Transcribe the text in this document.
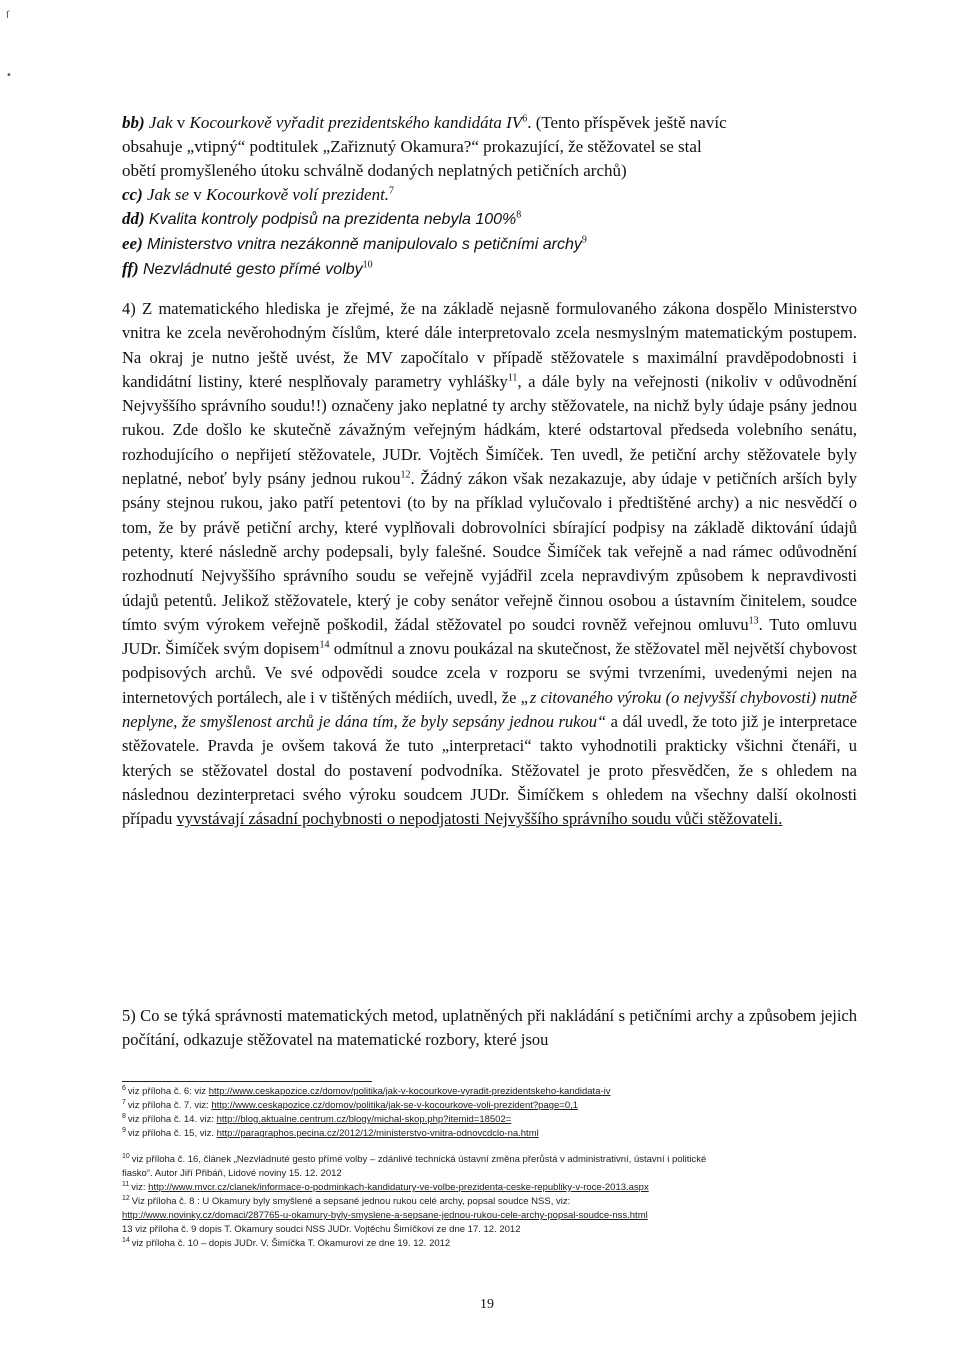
ſ
•

bb) Jak v Kocourkově vyřadit prezidentského kandidáta $IV^6$. (Tento příspěvek ještě navíc

obsahuje „vtipný“ podtitulek „Zařiznutý Okamura?“ prokazující, že stěžovatel se stal

obětí promyšleného útoku schválně dodaných neplatných petičních archů)

cc) Jak se v Kocourkově volí prezident.$^7$

dd) Kvalita kontroly podpisů na prezidenta nebyla 100%$^8$

ee) Ministerstvo vnitra nezákonně manipulovalo s petičními archy$^9$

ff) Nezvládnuté gesto přímé volby$^{10}$

4) Z matematického hlediska je zřejmé, že na základě nejasně formulovaného zákona dospělo Ministerstvo vnitra ke zcela nevěrohodným číslům, které dále interpretovalo zcela nesmyslným matematickým postupem. Na okraj je nutno ještě uvést, že MV započítalo v případě stěžovatele s maximální pravděpodobnosti i kandidátní listiny, které nesplňovaly parametry vyhlášky$^{11}$, a dále byly na veřejnosti (nikoliv v odůvodnění Nejvyššího správního soudu!!) označeny jako neplatné ty archy stěžovatele, na nichž byly údaje psány jednou rukou. Zde došlo ke skutečně závažným veřejným hádkám, které odstartoval předseda volebního senátu, rozhodujícího o nepřijetí stěžovatele, JUDr. Vojtěch Šimíček. Ten uvedl, že petiční archy stěžovatele byly neplatné, neboť byly psány jednou rukou$^{12}$. Žádný zákon však nezakazuje, aby údaje v petičních arších byly psány stejnou rukou, jako patří petentovi (to by na příklad vylučovalo i předtištěné archy) a nic nesvědčí o tom, že by právě petiční archy, které vyplňovali dobrovolníci sbírající podpisy na základě diktování údajů petenty, které následně archy podepsali, byly falešné. Soudce Šimíček tak veřejně a nad rámec odůvodnění rozhodnutí Nejvyššího správního soudu se veřejně vyjádřil zcela nepravdivým způsobem k nepravdivosti údajů petentů. Jelikož stěžovatele, který je coby senátor veřejně činnou osobou a ústavním činitelem, soudce tímto svým výrokem veřejně poškodil, žádal stěžovatel po soudci rovněž veřejnou omluvu$^{13}$. Tuto omluvu JUDr. Šimíček svým dopisem$^{14}$ odmítnul a znovu poukázal na skutečnost, že stěžovatel měl největší chybovost podpisových archů. Ve své odpovědi soudce zcela v rozporu se svými tvrzeními, uvedenými nejen na internetových portálech, ale i v tištěných médiích, uvedl, že „z citovaného výroku (o nejvyšší chybovosti) nutně neplyne, že smyšlenost archů je dána tím, že byly sepsány jednou rukou“ a dál uvedl, že toto již je interpretace stěžovatele. Pravda je ovšem taková že tuto „interpretaci“ takto vyhodnotili prakticky všichni čtenáři, u kterých se stěžovatel dostal do postavení podvodníka. Stěžovatel je proto přesvědčen, že s ohledem na následnou dezinterpretaci svého výroku soudcem JUDr. Šimíčkem s ohledem na všechny další okolnosti případu vyvstávají zásadní pochybnosti o nepodjatosti Nejvyššího správního soudu vůči stěžovateli.

5) Co se týká správnosti matematických metod, uplatněných při nakládání s petičními archy a způsobem jejich počítání, odkazuje stěžovatel na matematické rozbory, které jsou

$^6$ viz příloha č. 6: viz http://www.ceskapozice.cz/domov/politika/jak-v-kocourkove-vyradit-prezidentskeho-kandidata-iv

$^7$ viz příloha č. 7. viz: http://www.ceskapozice.cz/domov/politika/jak-se-v-kocourkove-voli-prezident?page=0,1

$^8$ viz příloha č. 14. viz: http://blog.aktualne.centrum.cz/blogy/michal-skop.php?itemid=18502=

$^9$ viz příloha č. 15, viz. http://paragraphos.pecina.cz/2012/12/ministerstvo-vnitra-odnovcdclo-na.html

$^{10}$ viz příloha č. 16, článek „Nezvládnuté gesto přímé volby – zdánlivé technická ústavní změna přerůstá v administrativní, ústavní i politické

fiasko“. Autor Jiří Přibáň, Lidové noviny 15. 12. 2012

$^{11}$ viz: http://www.mvcr.cz/clanek/informace-o-podminkach-kandidatury-ve-volbe-prezidenta-ceske-republiky-v-roce-2013.aspx

$^{12}$ Viz příloha č. 8 : U Okamury byly smyšlené a sepsané jednou rukou celé archy, popsal soudce NSS, viz:

http://www.novinky.cz/domaci/287765-u-okamury-byly-smyslene-a-sepsane-jednou-rukou-cele-archy-popsal-soudce-nss.html

13 viz příloha č. 9 dopis T. Okamury soudci NSS JUDr. Vojtěchu Šimíčkovi ze dne 17. 12. 2012

$^{14}$ viz příloha č. 10 – dopis JUDr. V. Šimíčka T. Okamurovi ze dne 19. 12. 2012

19
